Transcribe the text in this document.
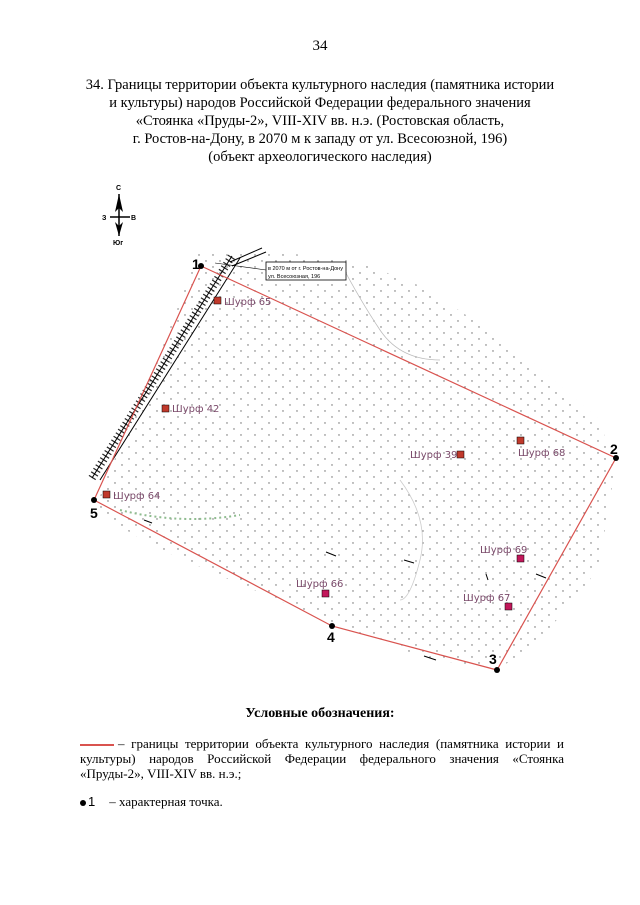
34
34. Границы территории объекта культурного наследия (памятника истории
и культуры) народов Российской Федерации федерального значения
«Стоянка «Пруды-2», VIII-XIV вв. н.э. (Ростовская область,
г. Ростов-на-Дону, в 2070 м к западу от ул. Всесоюзной, 196)
(объект археологического наследия)
С
Юг
В
З
в 2070 м от г. Ростов-на-Дону
ул. Всесоюзная, 196
1
2
3
4
5
Шурф 65
Шурф 42
Шурф 39	Шурф 68
Шурф 64
Шурф 69
Шурф 66
Шурф 67
Условные обозначения:
– границы территории объекта культурного наследия (памятника истории и культуры) народов Российской Федерации федерального значения «Стоянка «Пруды-2», VIII-XIV вв. н.э.;
1 – характерная точка.
